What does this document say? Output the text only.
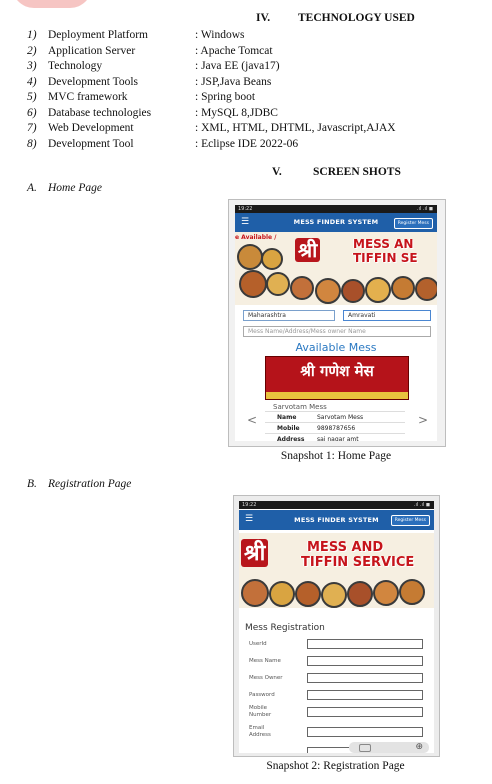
IV. TECHNOLOGY USED
1) Deployment Platform	: Windows
2) Application Server	: Apache Tomcat
3) Technology	: Java EE (java17)
4) Development Tools	: JSP,Java Beans
5) MVC framework	: Spring boot
6) Database technologies	: MySQL 8,JDBC
7) Web Development	: XML, HTML, DHTML, Javascript,AJAX
8) Development Tool	: Eclipse IDE 2022-06
V.	SCREEN SHOTS
A. Home Page
19:22	.ıl .ıl ◼
☰	MESS FINDER SYSTEM	Register Mess
e Available /
श्री	MESS AN
TIFFIN SE
Maharashtra	Amravati
Mess Name/Address/Mess owner Name
Available Mess
श्री गणेश मेस
Sarvotam Mess
<	>
Name	Sarvotam Mess
Mobile	9898787656
Address sai nagar amt
Snapshot 1: Home Page
B. Registration Page
19:22	.ıl .ıl ◼
☰	MESS FINDER SYSTEM	Register Mess
श्री	MESS AND
TIFFIN SERVICE
Mess Registration
UserId
Mess Name
Mess Owner
Password
Mobile Number
Email Address
⊕
Snapshot 2: Registration Page
